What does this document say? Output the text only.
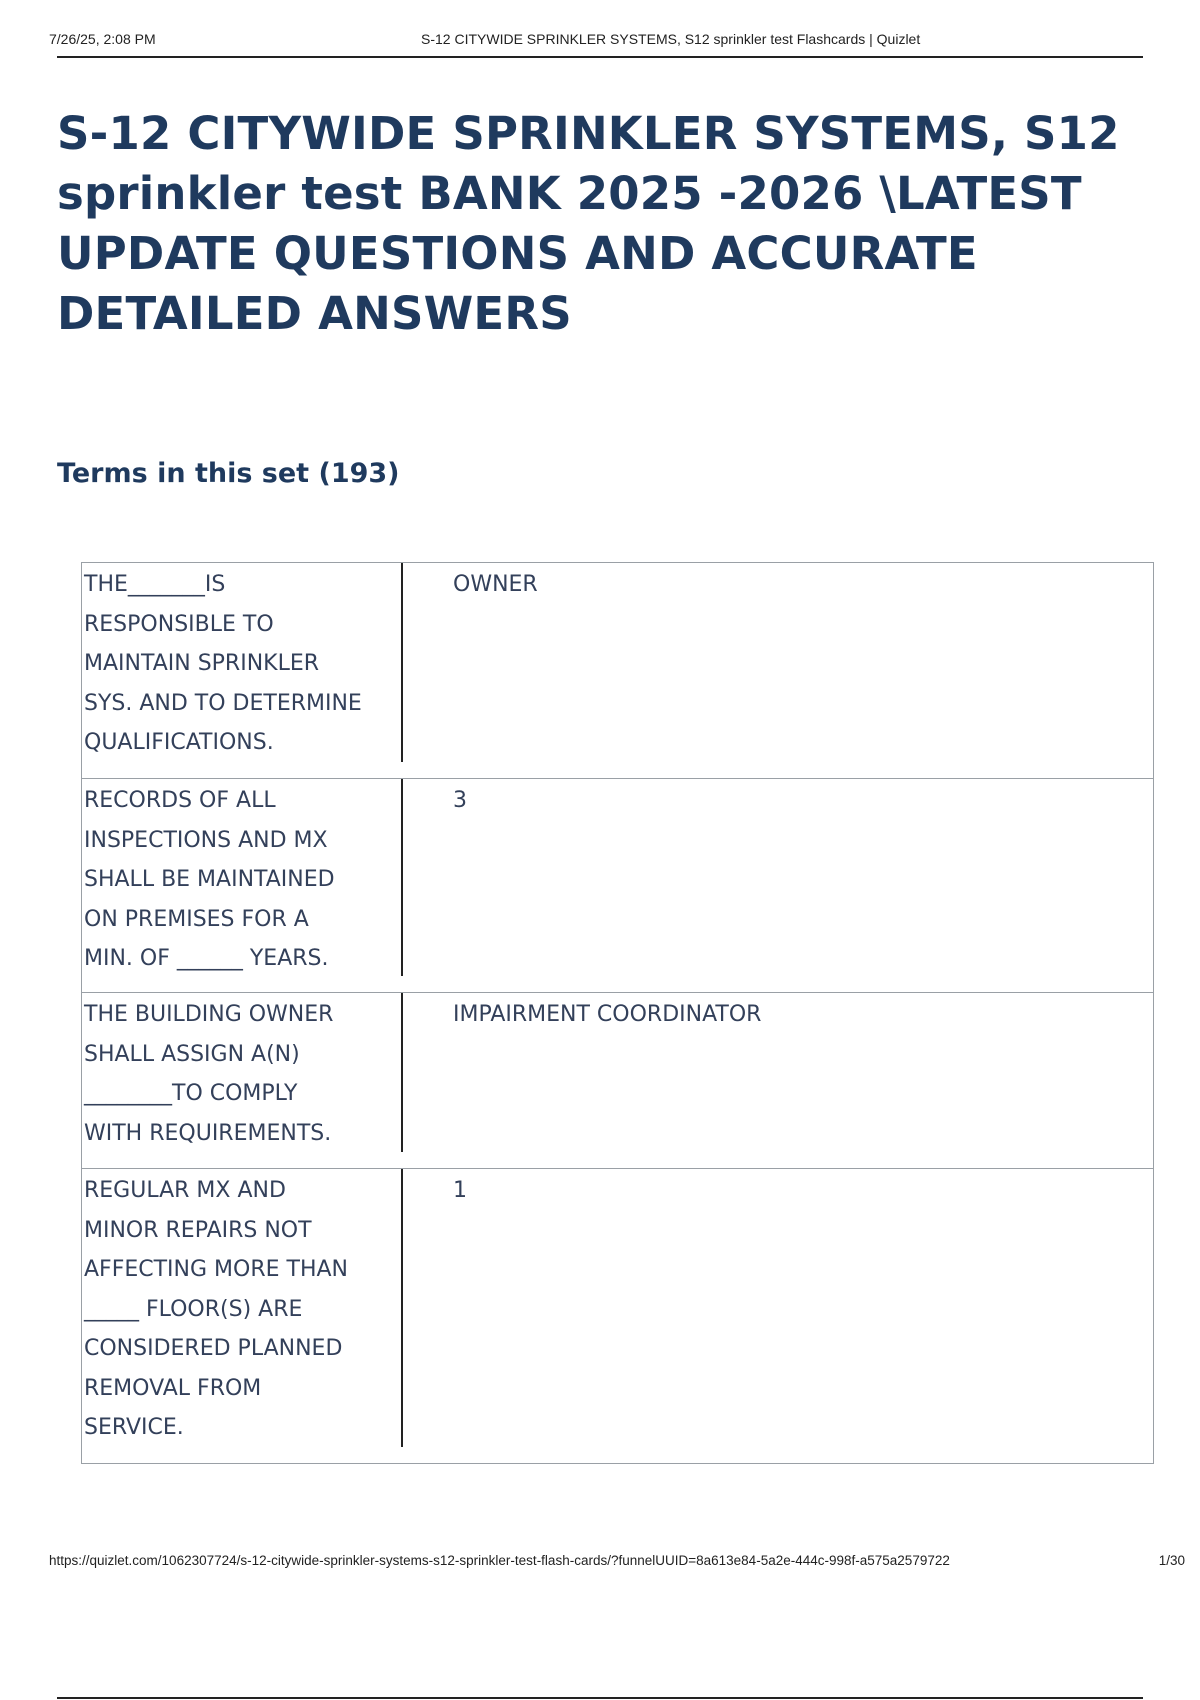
7/26/25, 2:08 PM	S-12 CITYWIDE SPRINKLER SYSTEMS, S12 sprinkler test Flashcards | Quizlet
S-12 CITYWIDE SPRINKLER SYSTEMS, S12 sprinkler test BANK 2025 -2026 \LATEST UPDATE QUESTIONS AND ACCURATE DETAILED ANSWERS
Terms in this set (193)
THE_______IS
RESPONSIBLE TO
MAINTAIN SPRINKLER
SYS. AND TO DETERMINE
QUALIFICATIONS.
OWNER
RECORDS OF ALL
INSPECTIONS AND MX
SHALL BE MAINTAINED
ON PREMISES FOR A
MIN. OF ______ YEARS.
3
THE BUILDING OWNER
SHALL ASSIGN A(N)
________TO COMPLY
WITH REQUIREMENTS.
IMPAIRMENT COORDINATOR
REGULAR MX AND
MINOR REPAIRS NOT
AFFECTING MORE THAN
_____ FLOOR(S) ARE
CONSIDERED PLANNED
REMOVAL FROM
SERVICE.
1
https://quizlet.com/1062307724/s-12-citywide-sprinkler-systems-s12-sprinkler-test-flash-cards/?funnelUUID=8a613e84-5a2e-444c-998f-a575a2579722	1/30
